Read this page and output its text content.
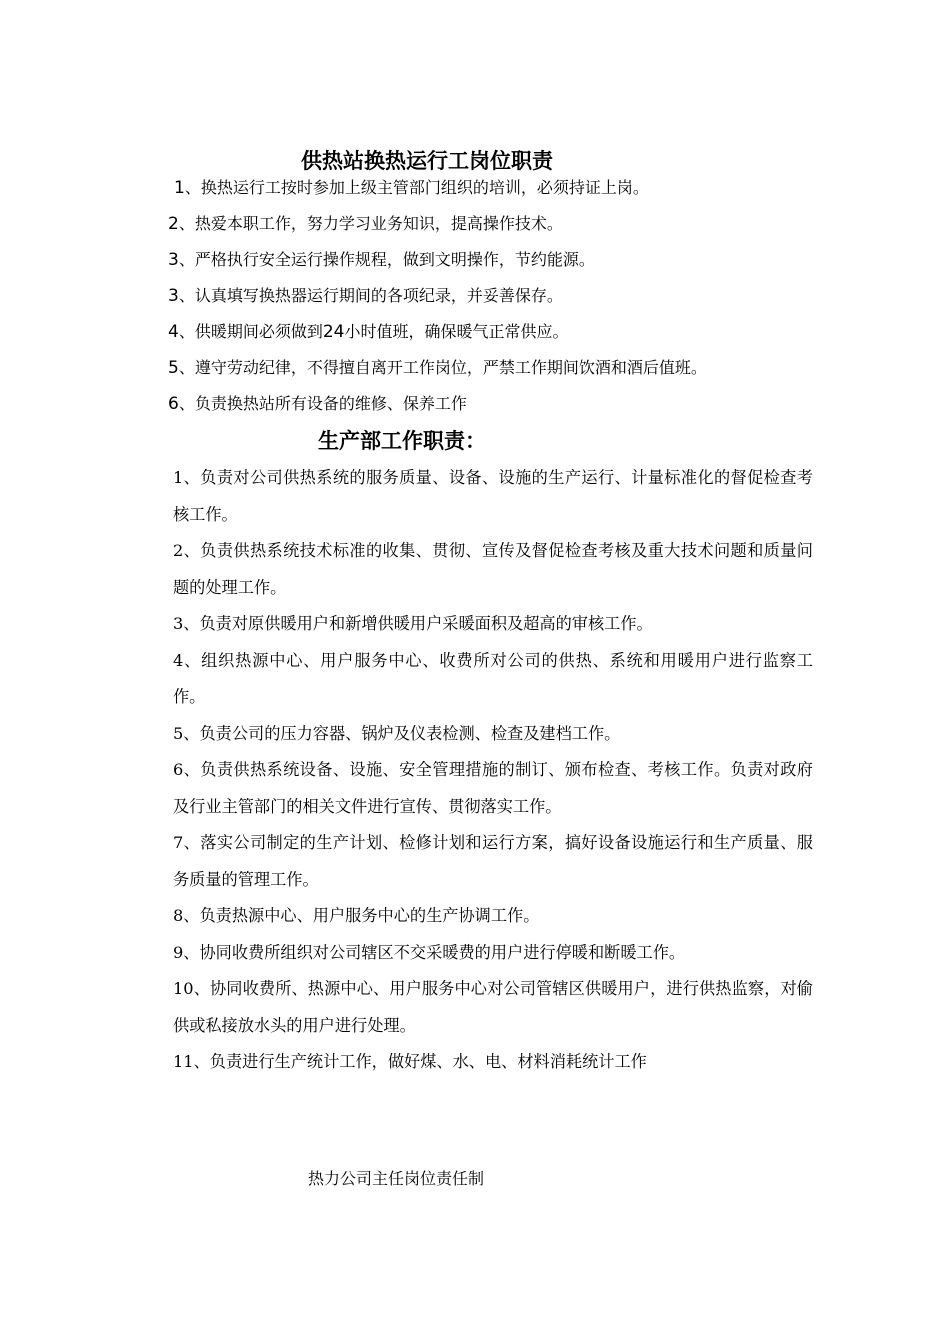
供热站换热运行工岗位职责
1、换热运行工按时参加上级主管部门组织的培训，必须持证上岗。
2、热爱本职工作，努力学习业务知识，提高操作技术。
3、严格执行安全运行操作规程，做到文明操作，节约能源。
3、认真填写换热器运行期间的各项纪录，并妥善保存。
4、供暖期间必须做到24小时值班，确保暖气正常供应。
5、遵守劳动纪律，不得擅自离开工作岗位，严禁工作期间饮酒和酒后值班。
6、负责换热站所有设备的维修、保养工作
生产部工作职责：
1、负责对公司供热系统的服务质量、设备、设施的生产运行、计量标准化的督促检查考核工作。
2、负责供热系统技术标准的收集、贯彻、宣传及督促检查考核及重大技术问题和质量问题的处理工作。
3、负责对原供暖用户和新增供暖用户采暖面积及超高的审核工作。
4、组织热源中心、用户服务中心、收费所对公司的供热、系统和用暖用户进行监察工作。
5、负责公司的压力容器、锅炉及仪表检测、检查及建档工作。
6、负责供热系统设备、设施、安全管理措施的制订、颁布检查、考核工作。负责对政府及行业主管部门的相关文件进行宣传、贯彻落实工作。
7、落实公司制定的生产计划、检修计划和运行方案，搞好设备设施运行和生产质量、服务质量的管理工作。
8、负责热源中心、用户服务中心的生产协调工作。
9、协同收费所组织对公司辖区不交采暖费的用户进行停暖和断暖工作。
10、协同收费所、热源中心、用户服务中心对公司管辖区供暖用户，进行供热监察，对偷供或私接放水头的用户进行处理。
11、负责进行生产统计工作，做好煤、水、电、材料消耗统计工作

热力公司主任岗位责任制
